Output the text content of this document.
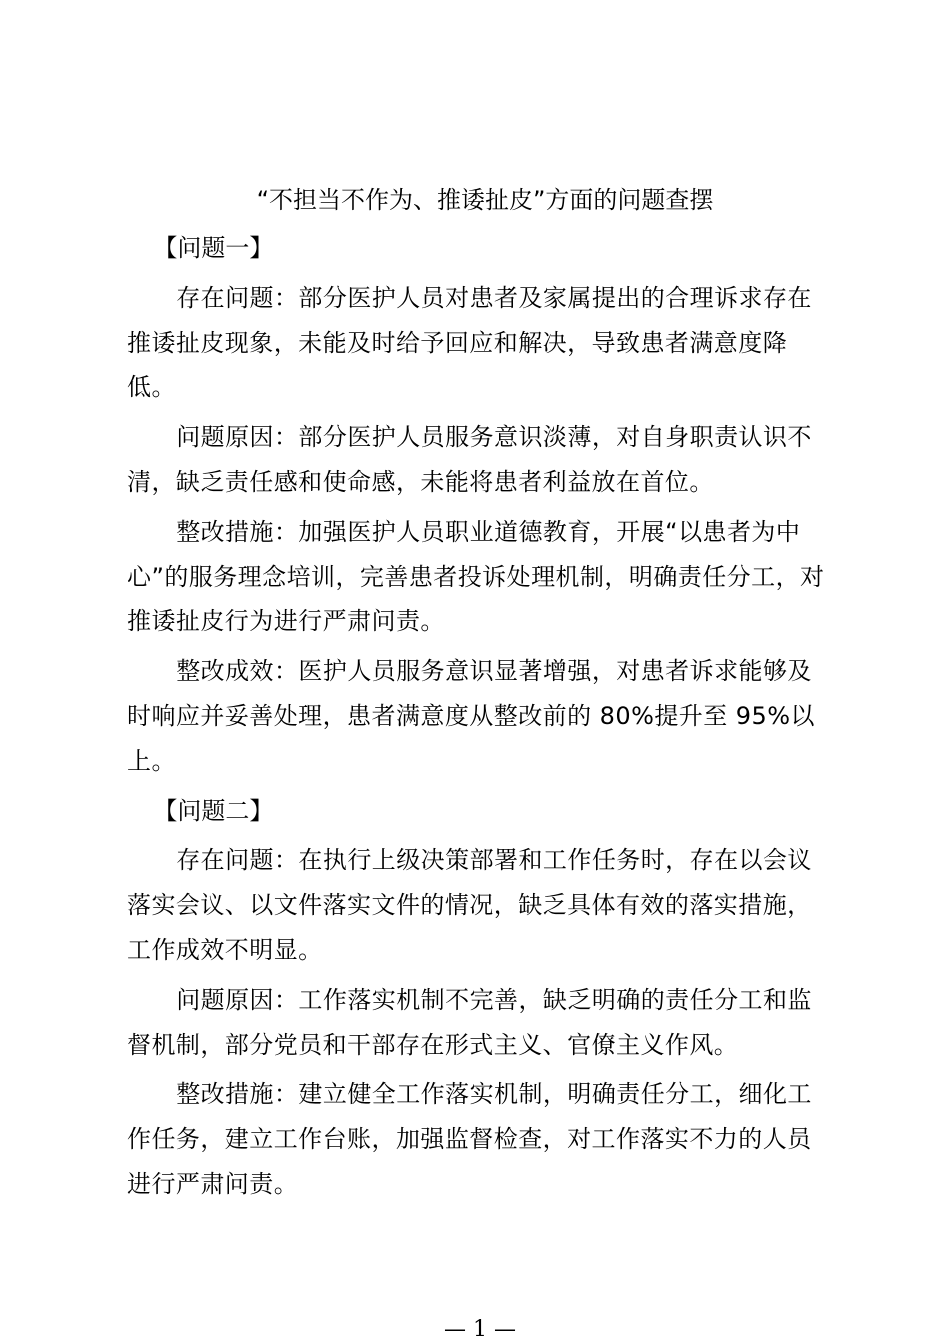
“不担当不作为、推诿扯皮”方面的问题查摆

【问题一】

存在问题：部分医护人员对患者及家属提出的合理诉求存在推诿扯皮现象，未能及时给予回应和解决，导致患者满意度降低。

问题原因：部分医护人员服务意识淡薄，对自身职责认识不清，缺乏责任感和使命感，未能将患者利益放在首位。

整改措施：加强医护人员职业道德教育，开展“以患者为中心”的服务理念培训，完善患者投诉处理机制，明确责任分工，对推诿扯皮行为进行严肃问责。

整改成效：医护人员服务意识显著增强，对患者诉求能够及时响应并妥善处理，患者满意度从整改前的 80%提升至 95%以上。

【问题二】

存在问题：在执行上级决策部署和工作任务时，存在以会议落实会议、以文件落实文件的情况，缺乏具体有效的落实措施，工作成效不明显。

问题原因：工作落实机制不完善，缺乏明确的责任分工和监督机制，部分党员和干部存在形式主义、官僚主义作风。

整改措施：建立健全工作落实机制，明确责任分工，细化工作任务，建立工作台账，加强监督检查，对工作落实不力的人员进行严肃问责。

— 1 —
